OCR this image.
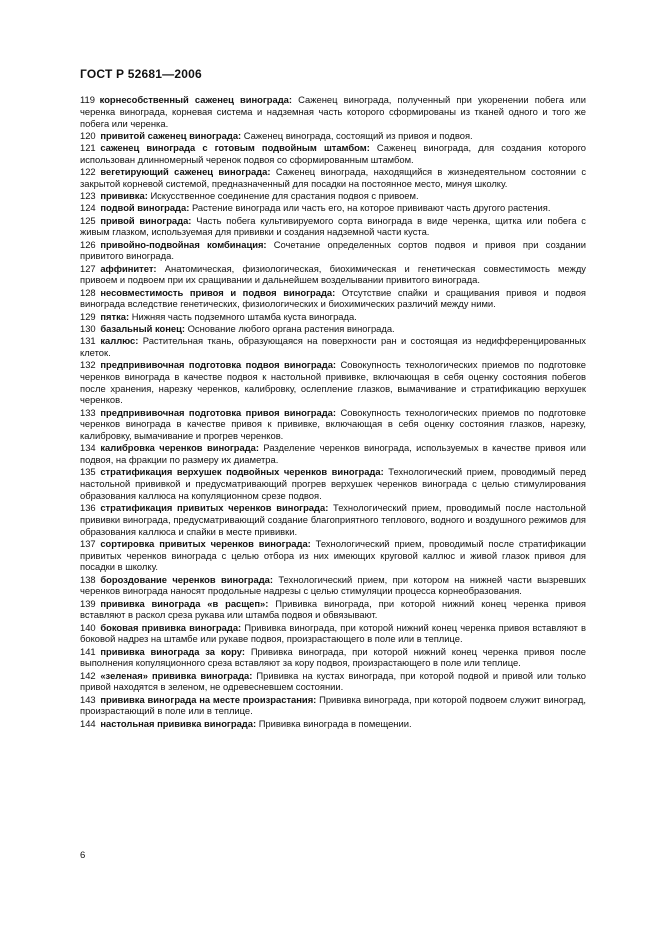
ГОСТ Р 52681—2006
119  корнесобственный саженец винограда: Саженец винограда, полученный при укоренении побега или черенка винограда, корневая система и надземная часть которого сформированы из тканей одного и того же побега или черенка.
120  привитой саженец винограда: Саженец винограда, состоящий из привоя и подвоя.
121  саженец винограда с готовым подвойным штамбом: Саженец винограда, для создания которого использован длинномерный черенок подвоя со сформированным штамбом.
122  вегетирующий саженец винограда: Саженец винограда, находящийся в жизнедеятельном состоянии с закрытой корневой системой, предназначенный для посадки на постоянное место, минуя школку.
123  прививка: Искусственное соединение для срастания подвоя с привоем.
124  подвой винограда: Растение винограда или часть его, на которое прививают часть другого растения.
125  привой винограда: Часть побега культивируемого сорта винограда в виде черенка, щитка или побега с живым глазком, используемая для прививки и создания надземной части куста.
126  привойно-подвойная комбинация: Сочетание определенных сортов подвоя и привоя при создании привитого винограда.
127  аффинитет: Анатомическая, физиологическая, биохимическая и генетическая совместимость между привоем и подвоем при их сращивании и дальнейшем возделывании привитого винограда.
128  несовместимость привоя и подвоя винограда: Отсутствие спайки и сращивания привоя и подвоя винограда вследствие генетических, физиологических и биохимических различий между ними.
129  пятка: Нижняя часть подземного штамба куста винограда.
130  базальный конец: Основание любого органа растения винограда.
131  каллюс: Растительная ткань, образующаяся на поверхности ран и состоящая из недифференцированных клеток.
132  предпрививочная подготовка подвоя винограда: Совокупность технологических приемов по подготовке черенков винограда в качестве подвоя к настольной прививке, включающая в себя оценку состояния побегов после хранения, нарезку черенков, калибровку, ослепление глазков, вымачивание и стратификацию верхушек черенков.
133  предпрививочная подготовка привоя винограда: Совокупность технологических приемов по подготовке черенков винограда в качестве привоя к прививке, включающая в себя оценку состояния глазков, нарезку, калибровку, вымачивание и прогрев черенков.
134  калибровка черенков винограда: Разделение черенков винограда, используемых в качестве привоя или подвоя, на фракции по размеру их диаметра.
135  стратификация верхушек подвойных черенков винограда: Технологический прием, проводимый перед настольной прививкой и предусматривающий прогрев верхушек черенков винограда с целью стимулирования образования каллюса на копуляционном срезе подвоя.
136  стратификация привитых черенков винограда: Технологический прием, проводимый после настольной прививки винограда, предусматривающий создание благоприятного теплового, водного и воздушного режимов для образования каллюса и спайки в месте прививки.
137  сортировка привитых черенков винограда: Технологический прием, проводимый после стратификации привитых черенков винограда с целью отбора из них имеющих круговой каллюс и живой глазок привоя для посадки в школку.
138  бороздование черенков винограда: Технологический прием, при котором на нижней части вызревших черенков винограда наносят продольные надрезы с целью стимуляции процесса корнеобразования.
139  прививка винограда «в расщеп»: Прививка винограда, при которой нижний конец черенка привоя вставляют в раскол среза рукава или штамба подвоя и обвязывают.
140  боковая прививка винограда: Прививка винограда, при которой нижний конец черенка привоя вставляют в боковой надрез на штамбе или рукаве подвоя, произрастающего в поле или в теплице.
141  прививка винограда за кору: Прививка винограда, при которой нижний конец черенка привоя после выполнения копуляционного среза вставляют за кору подвоя, произрастающего в поле или теплице.
142  «зеленая» прививка винограда: Прививка на кустах винограда, при которой подвой и привой или только привой находятся в зеленом, не одревесневшем состоянии.
143  прививка винограда на месте произрастания: Прививка винограда, при которой подвоем служит виноград, произрастающий в поле или в теплице.
144  настольная прививка винограда: Прививка винограда в помещении.
6
